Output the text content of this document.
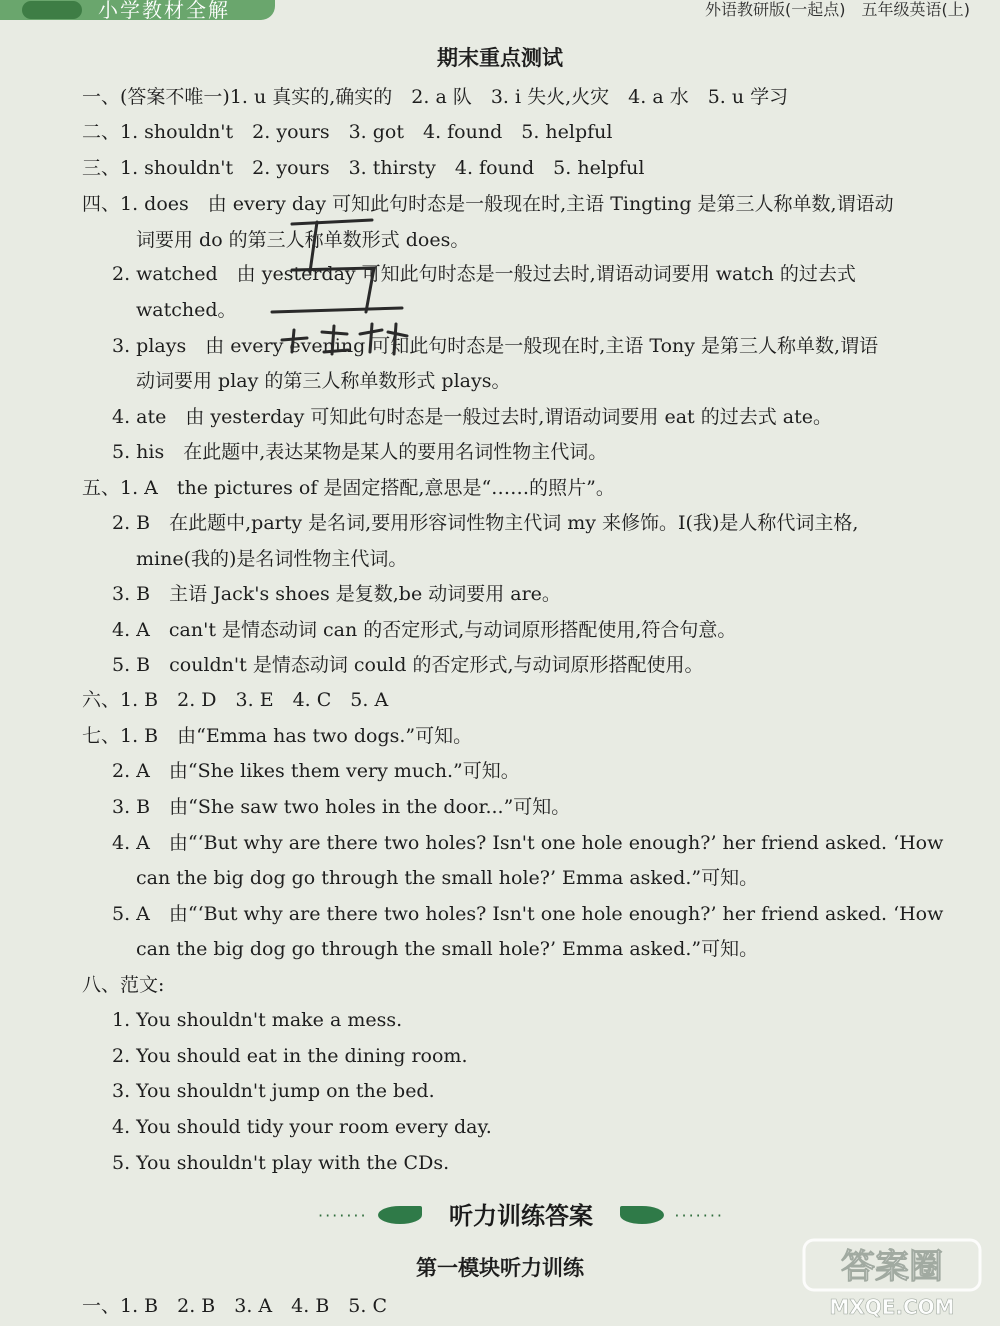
小学教材全解	外语教研版(一起点)　五年级英语(上)
期末重点测试
一、(答案不唯一)1. u 真实的,确实的　2. a 队　3. i 失火,火灾　4. a 水　5. u 学习
二、1. shouldn't　2. yours　3. got　4. found　5. helpful
三、1. shouldn't　2. yours　3. thirsty　4. found　5. helpful
四、1. does　由 every day 可知此句时态是一般现在时,主语 Tingting 是第三人称单数,谓语动
词要用 do 的第三人称单数形式 does。
2. watched　由 yesterday 可知此句时态是一般过去时,谓语动词要用 watch 的过去式
watched。
3. plays　由 every evening 可知此句时态是一般现在时,主语 Tony 是第三人称单数,谓语
动词要用 play 的第三人称单数形式 plays。
4. ate　由 yesterday 可知此句时态是一般过去时,谓语动词要用 eat 的过去式 ate。
5. his　在此题中,表达某物是某人的要用名词性物主代词。
五、1. A　the pictures of 是固定搭配,意思是“……的照片”。
2. B　在此题中,party 是名词,要用形容词性物主代词 my 来修饰。I(我)是人称代词主格,
mine(我的)是名词性物主代词。
3. B　主语 Jack's shoes 是复数,be 动词要用 are。
4. A　can't 是情态动词 can 的否定形式,与动词原形搭配使用,符合句意。
5. B　couldn't 是情态动词 could 的否定形式,与动词原形搭配使用。
六、1. B　2. D　3. E　4. C　5. A
七、1. B　由“Emma has two dogs.”可知。
2. A　由“She likes them very much.”可知。
3. B　由“She saw two holes in the door...”可知。
4. A　由“‘But why are there two holes? Isn't one hole enough?’ her friend asked. ‘How
can the big dog go through the small hole?’ Emma asked.”可知。
5. A　由“‘But why are there two holes? Isn't one hole enough?’ her friend asked. ‘How
can the big dog go through the small hole?’ Emma asked.”可知。
八、范文:
1. You shouldn't make a mess.
2. You should eat in the dining room.
3. You shouldn't jump on the bed.
4. You should tidy your room every day.
5. You shouldn't play with the CDs.
·······	听力训练答案	·······
第一模块听力训练
一、1. B　2. B　3. A　4. B　5. C
答案圈
MXQE.COM
